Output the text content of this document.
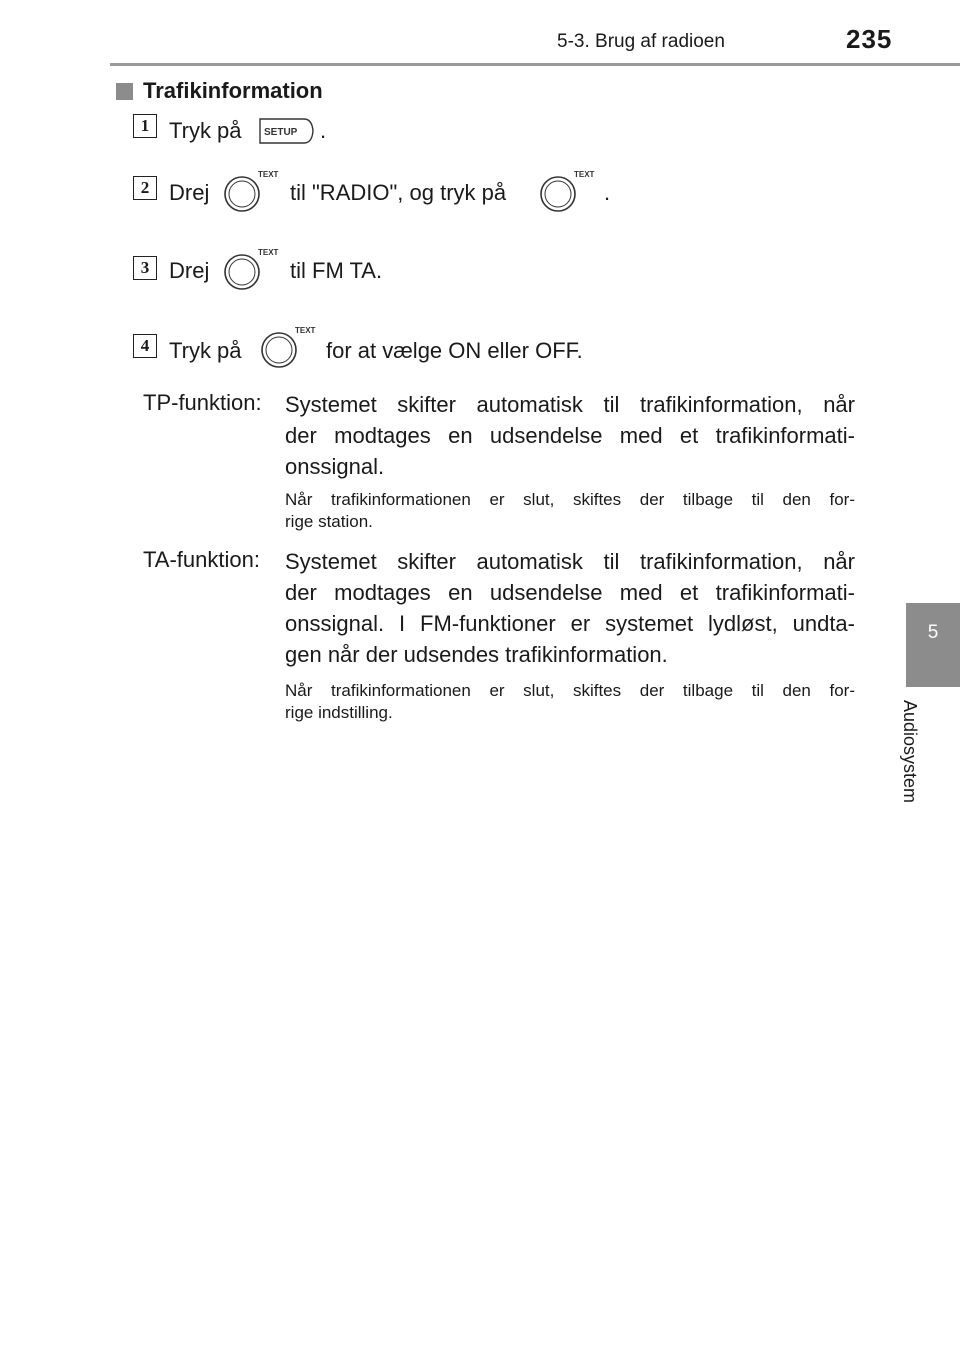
5-3. Brug af radioen	235
5
Audiosystem
Trafikinformation
1 Tryk på SETUP .
2 Drej
TEXT
til "RADIO", og tryk på
TEXT
.
3 Drej
TEXT
til FM TA.
4 Tryk på
TEXT
for at vælge ON eller OFF.
TP-funktion: Systemet skifter automatisk til trafikinformation, når
der modtages en udsendelse med et trafikinformati-
onssignal.
Når trafikinformationen er slut, skiftes der tilbage til den for-
rige station.
TA-funktion: Systemet skifter automatisk til trafikinformation, når
der modtages en udsendelse med et trafikinformati-
onssignal. I FM-funktioner er systemet lydløst, undta-
gen når der udsendes trafikinformation.
Når trafikinformationen er slut, skiftes der tilbage til den for-
rige indstilling.
